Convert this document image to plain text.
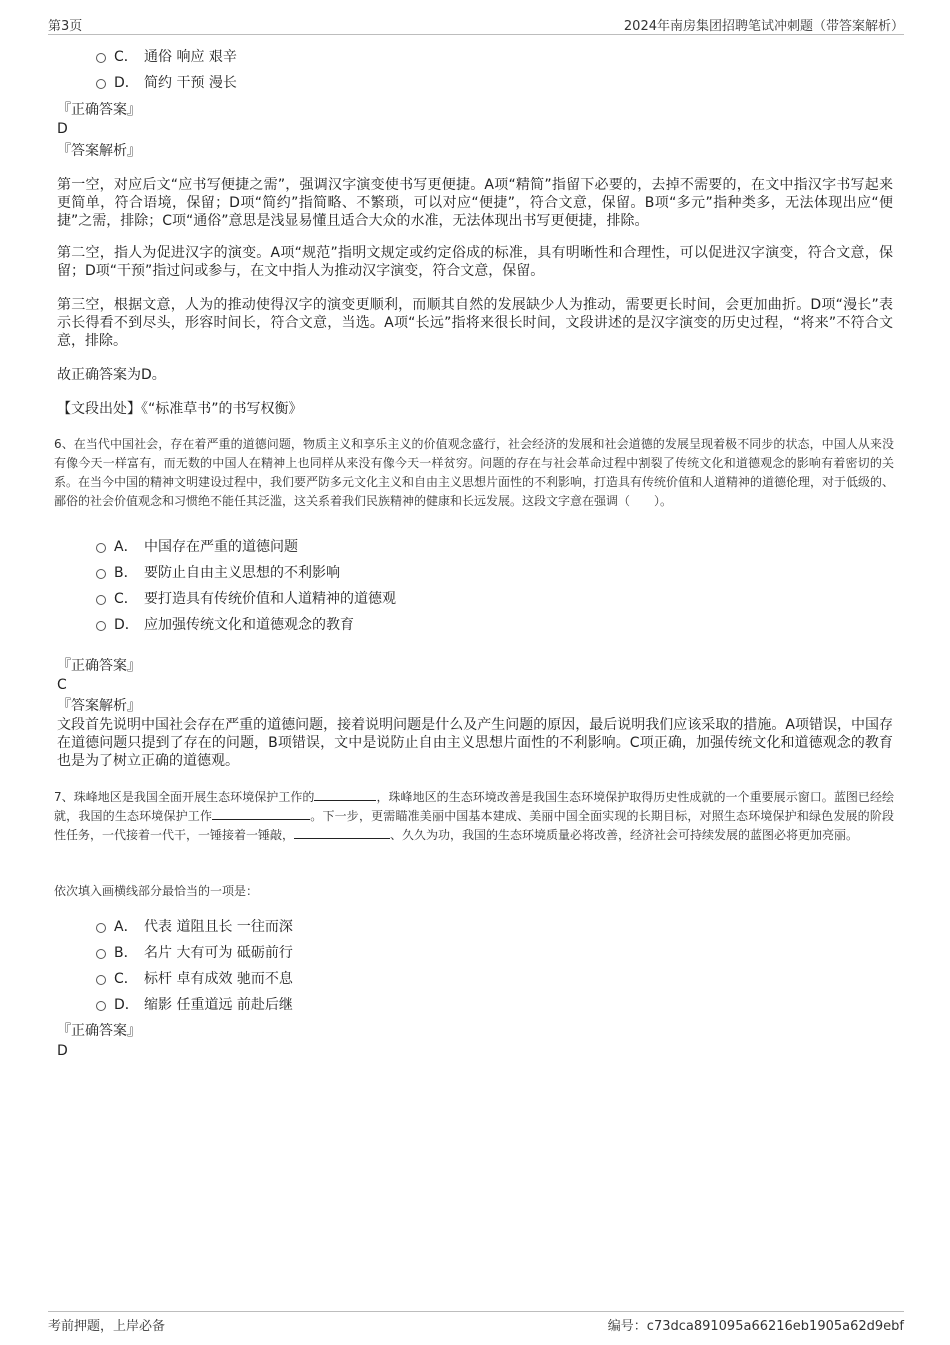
第3页	2024年南房集团招聘笔试冲刺题（带答案解析）
C． 通俗 响应 艰辛
D． 简约 干预 漫长
『正确答案』
D
『答案解析』
第一空，对应后文“应书写便捷之需”，强调汉字演变使书写更便捷。A项“精简”指留下必要的，去掉不需要的，在文中指汉字书写起来更简单，符合语境，保留；D项“简约”指简略、不繁琐，可以对应“便捷”，符合文意，保留。B项“多元”指种类多，无法体现出应“便捷”之需，排除；C项“通俗”意思是浅显易懂且适合大众的水准，无法体现出书写更便捷，排除。
第二空，指人为促进汉字的演变。A项“规范”指明文规定或约定俗成的标准，具有明晰性和合理性，可以促进汉字演变，符合文意，保留；D项“干预”指过问或参与，在文中指人为推动汉字演变，符合文意，保留。
第三空，根据文意，人为的推动使得汉字的演变更顺利，而顺其自然的发展缺少人为推动，需要更长时间，会更加曲折。D项“漫长”表示长得看不到尽头，形容时间长，符合文意，当选。A项“长远”指将来很长时间，文段讲述的是汉字演变的历史过程，“将来”不符合文意，排除。
故正确答案为D。
【文段出处】《“标准草书”的书写权衡》
6、在当代中国社会，存在着严重的道德问题，物质主义和享乐主义的价值观念盛行，社会经济的发展和社会道德的发展呈现着极不同步的状态，中国人从来没有像今天一样富有，而无数的中国人在精神上也同样从来没有像今天一样贫穷。问题的存在与社会革命过程中割裂了传统文化和道德观念的影响有着密切的关系。在当今中国的精神文明建设过程中，我们要严防多元文化主义和自由主义思想片面性的不利影响，打造具有传统价值和人道精神的道德伦理，对于低级的、鄙俗的社会价值观念和习惯绝不能任其泛滥，这关系着我们民族精神的健康和长远发展。这段文字意在强调（　　）。
A． 中国存在严重的道德问题
B． 要防止自由主义思想的不利影响
C． 要打造具有传统价值和人道精神的道德观
D． 应加强传统文化和道德观念的教育
『正确答案』
C
『答案解析』
文段首先说明中国社会存在严重的道德问题，接着说明问题是什么及产生问题的原因，最后说明我们应该采取的措施。A项错误，中国存在道德问题只提到了存在的问题，B项错误，文中是说防止自由主义思想片面性的不利影响。C项正确，加强传统文化和道德观念的教育也是为了树立正确的道德观。
7、珠峰地区是我国全面开展生态环境保护工作的	，珠峰地区的生态环境改善是我国生态环境保护取得历史性成就的一个重要展示窗口。蓝图已经绘就，我国的生态环境保护工作	。下一步，更需瞄准美丽中国基本建成、美丽中国全面实现的长期目标，对照生态环境保护和绿色发展的阶段性任务，一代接着一代干，一锤接着一锤敲，	、久久为功，我国的生态环境质量必将改善，经济社会可持续发展的蓝图必将更加亮丽。
依次填入画横线部分最恰当的一项是：
A． 代表 道阻且长 一往而深
B． 名片 大有可为 砥砺前行
C． 标杆 卓有成效 驰而不息
D． 缩影 任重道远 前赴后继
『正确答案』
D
考前押题，上岸必备	编号：c73dca891095a66216eb1905a62d9ebf
